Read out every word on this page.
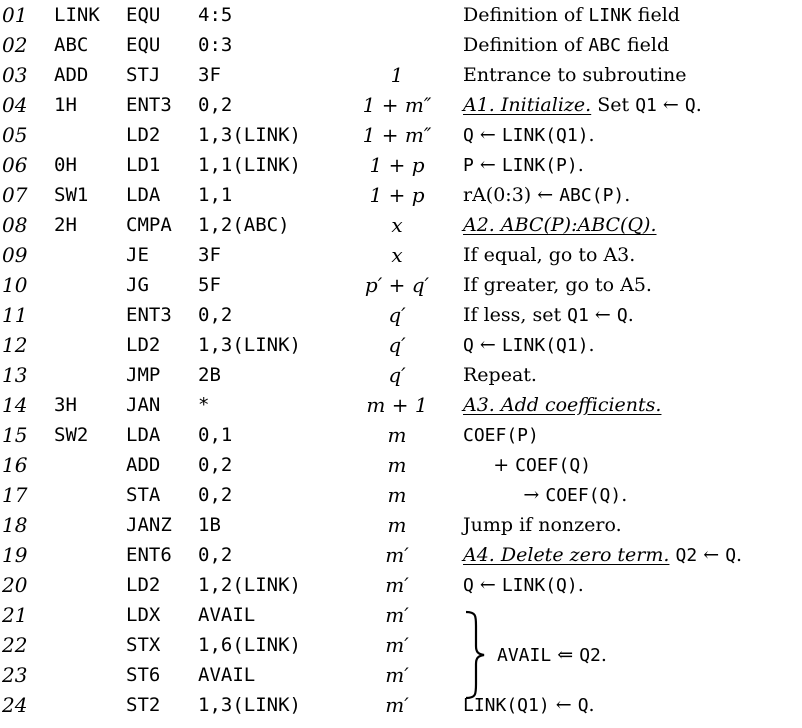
01 LINK EQU 4:5	Definition of LINK field
02 ABC EQU 0:3	Definition of ABC field
03 ADD STJ 3F	1	Entrance to subroutine
04 1H	ENT3 0,2	1 + m″	A1. Initialize. Set Q1 ← Q.
05	LD2 1,3(LINK)	1 + m″	Q ← LINK(Q1).
06 0H	LD1 1,1(LINK)	1 + p	P ← LINK(P).
07 SW1 LDA 1,1	1 + p	rA(0:3) ← ABC(P).
08 2H	CMPA 1,2(ABC)	x	A2. ABC(P):ABC(Q).
09	JE	3F	x	If equal, go to A3.
10	JG	5F	p′ + q′	If greater, go to A5.
11	ENT3 0,2	q′	If less, set Q1 ← Q.
12	LD2 1,3(LINK)	q′	Q ← LINK(Q1).
13	JMP 2B	q′	Repeat.
14 3H	JAN *	m + 1	A3. Add coefficients.
15 SW2 LDA 0,1	m	COEF(P)
16	ADD 0,2	m	+ COEF(Q)
17	STA 0,2	m	→ COEF(Q).
18	JANZ 1B	m	Jump if nonzero.
19	ENT6 0,2	m′	A4. Delete zero term. Q2 ← Q.
20	LD2 1,2(LINK)	m′	Q ← LINK(Q).
21	LDX AVAIL	m′
22	STX 1,6(LINK)	m′
23	ST6 AVAIL	m′
24	ST2 1,3(LINK)	m′	LINK(Q1) ← Q.
AVAIL ⇐ Q2.
